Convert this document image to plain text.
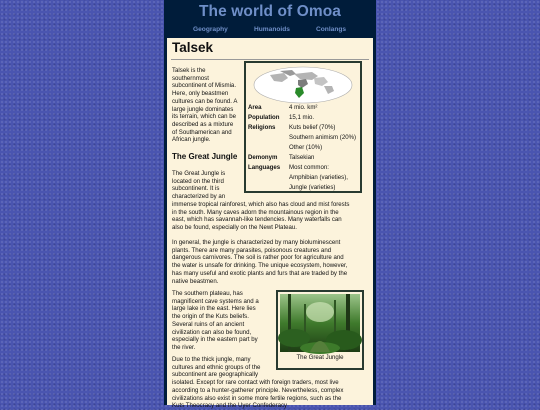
The world of Omoa
Geography	Humanoids	Conlangs
Talsek
Talsek is the
southernmost
subcontinent of Mismia.
Here, only beastmen
cultures can be found. A
large jungle dominates
its terrain, which can be
described as a mixture
of Southamerican and
African jungle.
The Great Jungle
The Great Jungle is
located on the third
subcontinent. It is
characterized by an
immense tropical rainforest, which also has cloud and mist forests
in the south. Many caves adorn the mountainous region in the
east, which has savannah-like tendencies. Many waterfalls can
also be found, especially on the Newt Plateau.
In general, the jungle is characterized by many bioluminescent
plants. There are many parasites, poisonous creatures and
dangerous carnivores. The soil is rather poor for agriculture and
the water is unsafe for drinking. The unique ecosystem, however,
has many useful and exotic plants and furs that are traded by the
native beastmen.
The southern plateau, has
magnificent cave systems and a
large lake in the east. Here lies
the origin of the Kuts beliefs.
Several ruins of an ancient
civilization can also be found,
especially in the eastern part by
the river.
Due to the thick jungle, many
cultures and ethnic groups of the
subcontinent are geographically
isolated. Except for rare contact with foreign traders, most live
according to a hunter-gatherer principle. Nevertheless, complex
civilizations also exist in some more fertile regions, such as the
Kuts Theocracy and the Uyer Confederacy
Area	4 mio. km²
Population 15,1 mio.
Religions Kuts belief (70%)
Southern animism (20%)
Other (10%)
Demonym Talsekian
Languages Most common:
Amphibian (varieties),
Jungle (varieties)
The Great Jungle
